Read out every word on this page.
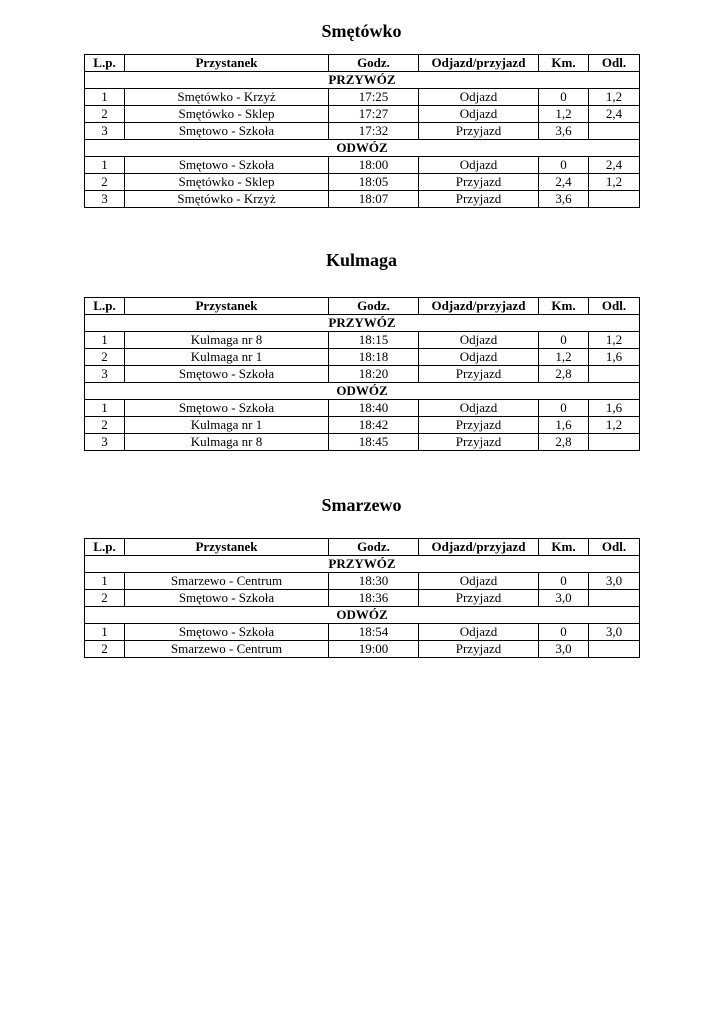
Smętówko
L.p.	Przystanek	Godz.	Odjazd/przyjazd	Km.	Odl.
PRZYWÓZ					
1	Smętówko - Krzyż	17:25	Odjazd	0	1,2
2	Smętówko - Sklep	17:27	Odjazd	1,2	2,4
3	Smętowo - Szkoła	17:32	Przyjazd	3,6	
ODWÓZ					
1	Smętowo - Szkoła	18:00	Odjazd	0	2,4
2	Smętówko - Sklep	18:05	Przyjazd	2,4	1,2
3	Smętówko - Krzyż	18:07	Przyjazd	3,6	
Kulmaga
L.p.	Przystanek	Godz.	Odjazd/przyjazd	Km.	Odl.
PRZYWÓZ					
1	Kulmaga nr 8	18:15	Odjazd	0	1,2
2	Kulmaga nr 1	18:18	Odjazd	1,2	1,6
3	Smętowo - Szkoła	18:20	Przyjazd	2,8	
ODWÓZ					
1	Smętowo - Szkoła	18:40	Odjazd	0	1,6
2	Kulmaga nr 1	18:42	Przyjazd	1,6	1,2
3	Kulmaga nr 8	18:45	Przyjazd	2,8	
Smarzewo
L.p.	Przystanek	Godz.	Odjazd/przyjazd	Km.	Odl.
PRZYWÓZ					
1	Smarzewo - Centrum	18:30	Odjazd	0	3,0
2	Smętowo - Szkoła	18:36	Przyjazd	3,0	
ODWÓZ					
1	Smętowo - Szkoła	18:54	Odjazd	0	3,0
2	Smarzewo - Centrum	19:00	Przyjazd	3,0	
